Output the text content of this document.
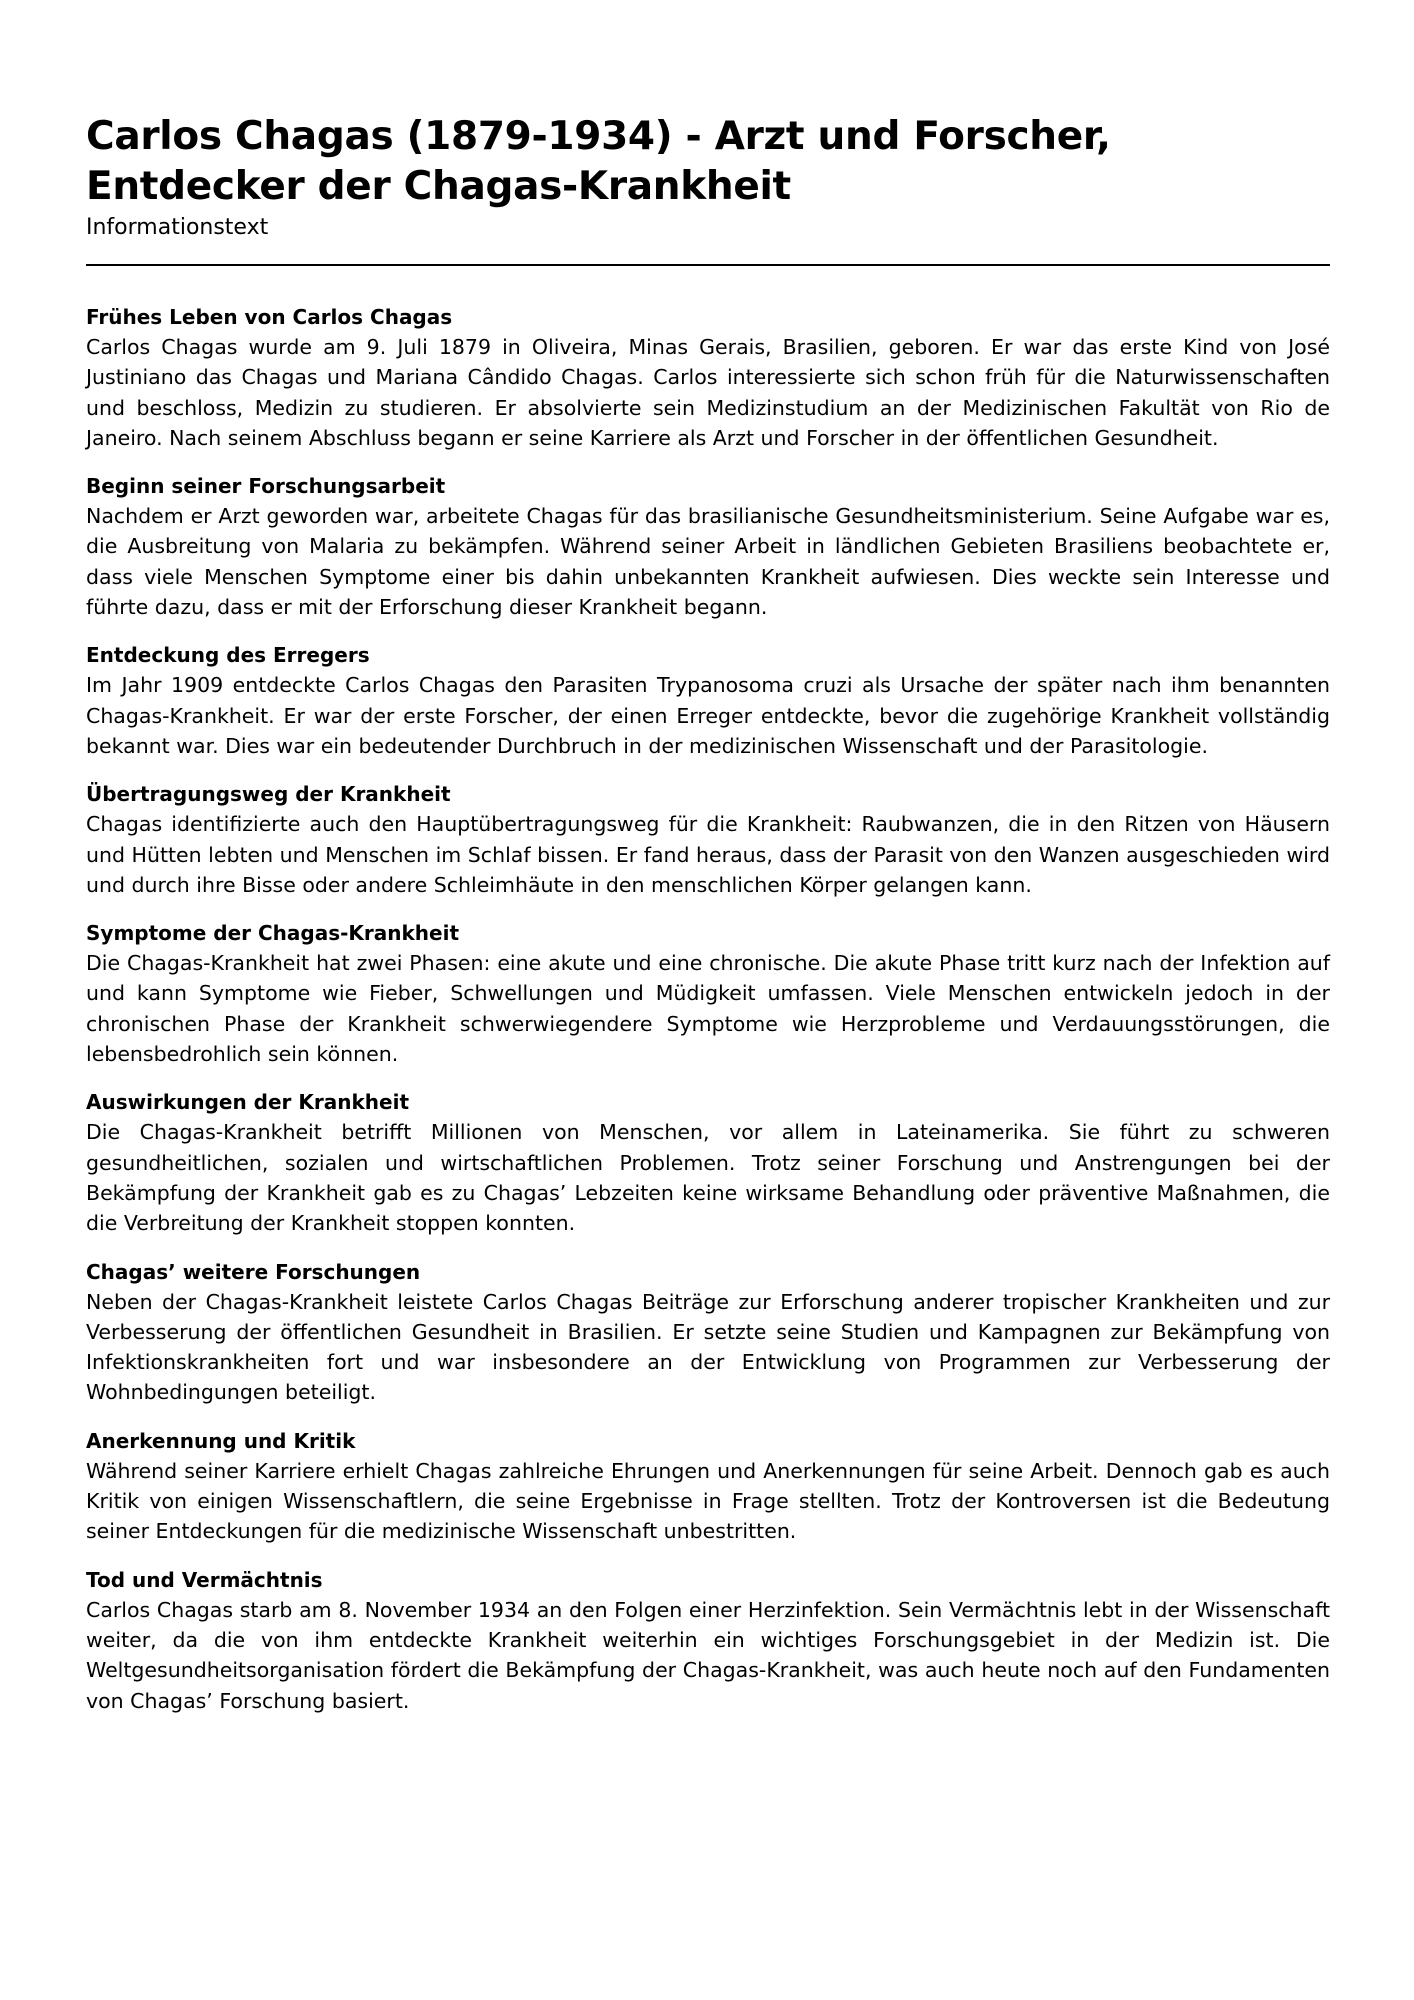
Carlos Chagas (1879-1934) - Arzt und Forscher, Entdecker der Chagas-Krankheit
Informationstext
Frühes Leben von Carlos Chagas

Carlos Chagas wurde am 9. Juli 1879 in Oliveira, Minas Gerais, Brasilien, geboren. Er war das erste Kind von José Justiniano das Chagas und Mariana Cândido Chagas. Carlos interessierte sich schon früh für die Naturwissenschaften und beschloss, Medizin zu studieren. Er absolvierte sein Medizinstudium an der Medizinischen Fakultät von Rio de Janeiro. Nach seinem Abschluss begann er seine Karriere als Arzt und Forscher in der öffentlichen Gesundheit.

Beginn seiner Forschungsarbeit

Nachdem er Arzt geworden war, arbeitete Chagas für das brasilianische Gesundheitsministerium. Seine Aufgabe war es, die Ausbreitung von Malaria zu bekämpfen. Während seiner Arbeit in ländlichen Gebieten Brasiliens beobachtete er, dass viele Menschen Symptome einer bis dahin unbekannten Krankheit aufwiesen. Dies weckte sein Interesse und führte dazu, dass er mit der Erforschung dieser Krankheit begann.

Entdeckung des Erregers

Im Jahr 1909 entdeckte Carlos Chagas den Parasiten Trypanosoma cruzi als Ursache der später nach ihm benannten Chagas-Krankheit. Er war der erste Forscher, der einen Erreger entdeckte, bevor die zugehörige Krankheit vollständig bekannt war. Dies war ein bedeutender Durchbruch in der medizinischen Wissenschaft und der Parasitologie.

Übertragungsweg der Krankheit

Chagas identifizierte auch den Hauptübertragungsweg für die Krankheit: Raubwanzen, die in den Ritzen von Häusern und Hütten lebten und Menschen im Schlaf bissen. Er fand heraus, dass der Parasit von den Wanzen ausgeschieden wird und durch ihre Bisse oder andere Schleimhäute in den menschlichen Körper gelangen kann.

Symptome der Chagas-Krankheit

Die Chagas-Krankheit hat zwei Phasen: eine akute und eine chronische. Die akute Phase tritt kurz nach der Infektion auf und kann Symptome wie Fieber, Schwellungen und Müdigkeit umfassen. Viele Menschen entwickeln jedoch in der chronischen Phase der Krankheit schwerwiegendere Symptome wie Herzprobleme und Verdauungsstörungen, die lebensbedrohlich sein können.

Auswirkungen der Krankheit

Die Chagas-Krankheit betrifft Millionen von Menschen, vor allem in Lateinamerika. Sie führt zu schweren gesundheitlichen, sozialen und wirtschaftlichen Problemen. Trotz seiner Forschung und Anstrengungen bei der Bekämpfung der Krankheit gab es zu Chagas’ Lebzeiten keine wirksame Behandlung oder präventive Maßnahmen, die die Verbreitung der Krankheit stoppen konnten.

Chagas’ weitere Forschungen

Neben der Chagas-Krankheit leistete Carlos Chagas Beiträge zur Erforschung anderer tropischer Krankheiten und zur Verbesserung der öffentlichen Gesundheit in Brasilien. Er setzte seine Studien und Kampagnen zur Bekämpfung von Infektionskrankheiten fort und war insbesondere an der Entwicklung von Programmen zur Verbesserung der Wohnbedingungen beteiligt.

Anerkennung und Kritik

Während seiner Karriere erhielt Chagas zahlreiche Ehrungen und Anerkennungen für seine Arbeit. Dennoch gab es auch Kritik von einigen Wissenschaftlern, die seine Ergebnisse in Frage stellten. Trotz der Kontroversen ist die Bedeutung seiner Entdeckungen für die medizinische Wissenschaft unbestritten.

Tod und Vermächtnis

Carlos Chagas starb am 8. November 1934 an den Folgen einer Herzinfektion. Sein Vermächtnis lebt in der Wissenschaft weiter, da die von ihm entdeckte Krankheit weiterhin ein wichtiges Forschungsgebiet in der Medizin ist. Die Weltgesundheitsorganisation fördert die Bekämpfung der Chagas-Krankheit, was auch heute noch auf den Fundamenten von Chagas’ Forschung basiert.
